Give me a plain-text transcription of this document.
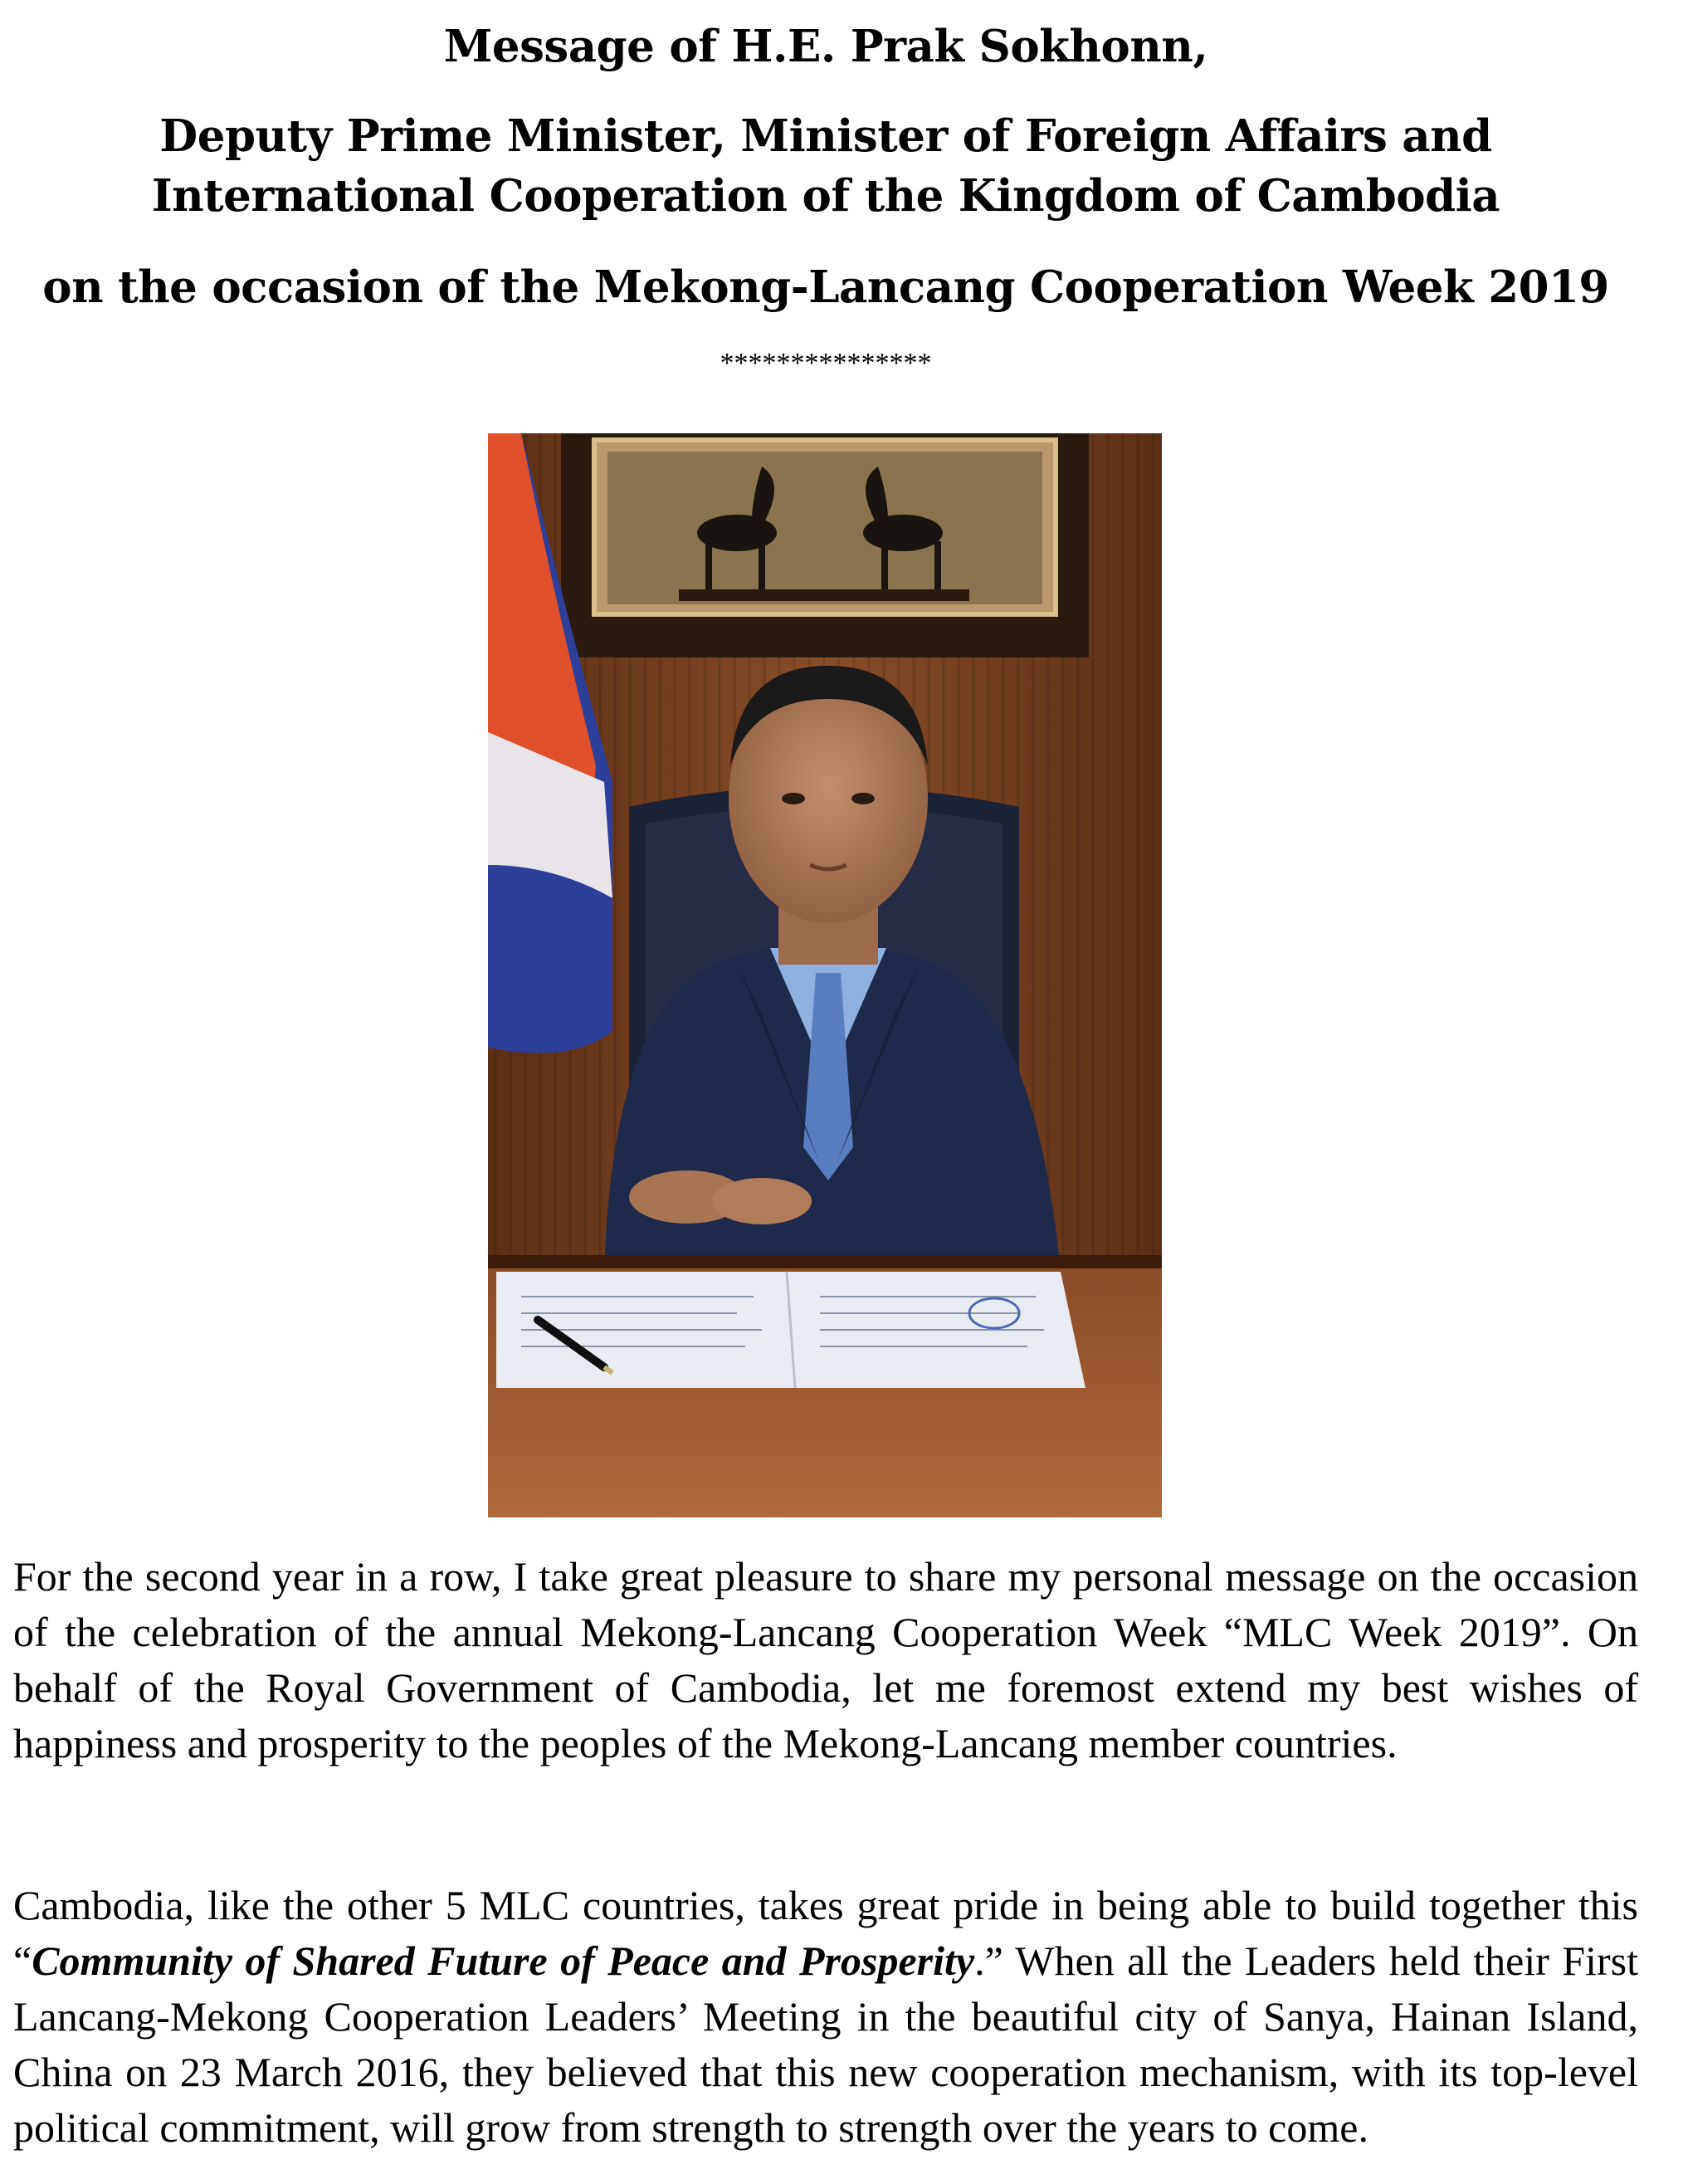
Message of H.E. Prak Sokhonn,
Deputy Prime Minister, Minister of Foreign Affairs and International Cooperation of the Kingdom of Cambodia
on the occasion of the Mekong-Lancang Cooperation Week 2019
***************

For the second year in a row, I take great pleasure to share my personal message on the occasion of the celebration of the annual Mekong-Lancang Cooperation Week “MLC Week 2019”. On behalf of the Royal Government of Cambodia, let me foremost extend my best wishes of happiness and prosperity to the peoples of the Mekong-Lancang member countries.

Cambodia, like the other 5 MLC countries, takes great pride in being able to build together this “Community of Shared Future of Peace and Prosperity.” When all the Leaders held their First Lancang-Mekong Cooperation Leaders’ Meeting in the beautiful city of Sanya, Hainan Island, China on 23 March 2016, they believed that this new cooperation mechanism, with its top-level political commitment, will grow from strength to strength over the years to come.
